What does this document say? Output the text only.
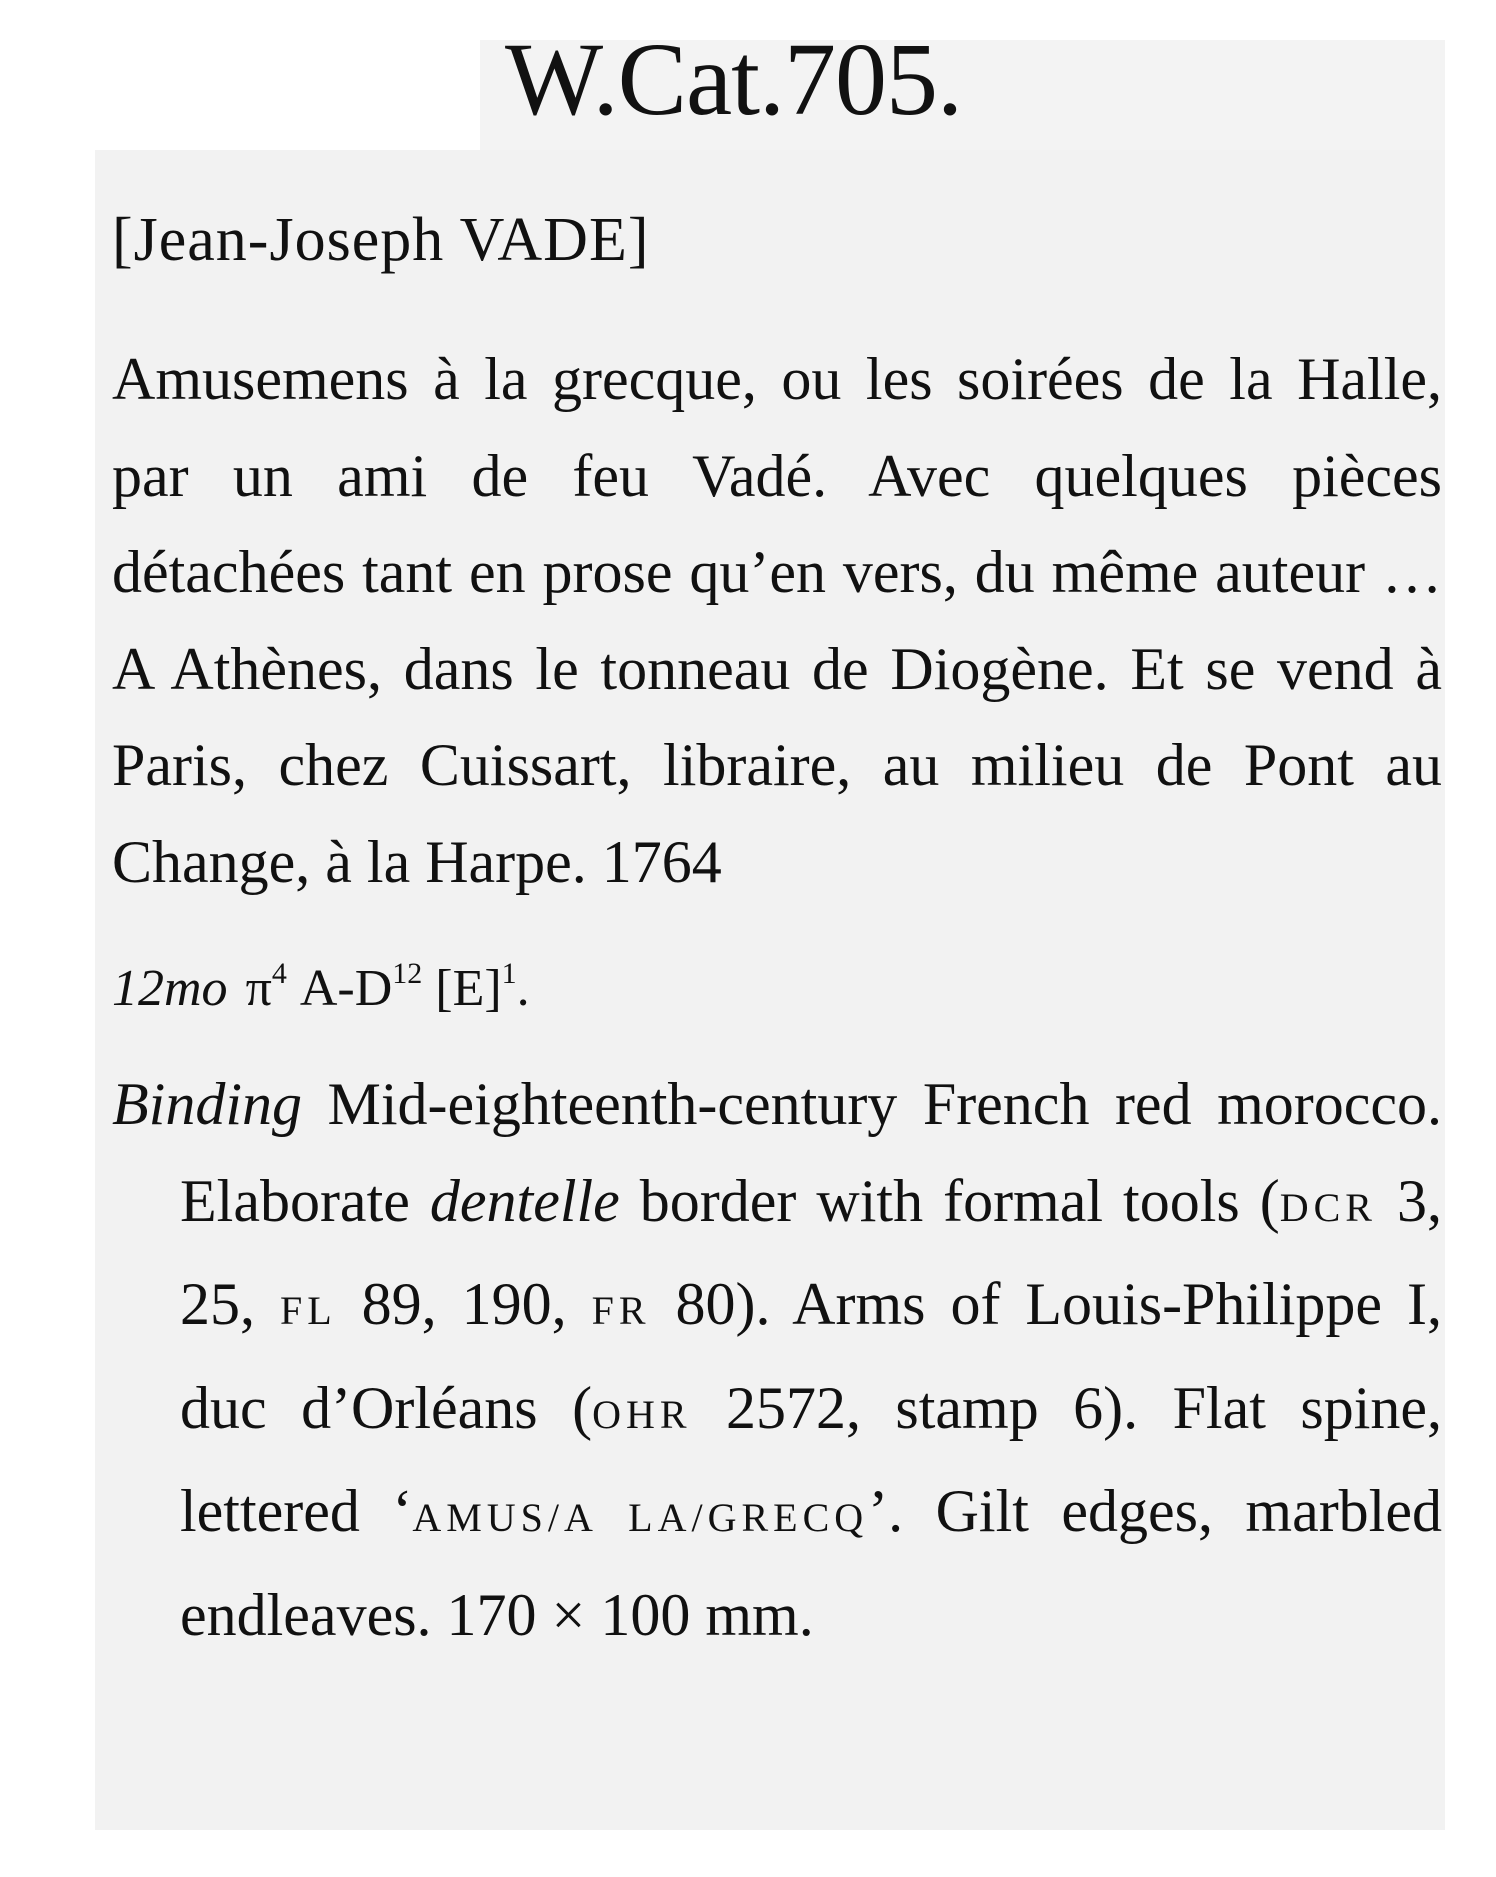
W.Cat.705.

[Jean-Joseph VADE]

Amusemens à la grecque, ou les soirées de la Halle, par un ami de feu Vadé. Avec quelques pièces détachées tant en prose qu’en vers, du même auteur … A Athènes, dans le tonneau de Diogène. Et se vend à Paris, chez Cuissart, libraire, au milieu de Pont au Change, à la Harpe. 1764

12mo $\pi^4$ $A-D^{12}$ $[E]^1$.

Binding Mid-eighteenth-century French red morocco. Elaborate dentelle border with formal tools (DCR 3, 25, FL 89, 190, FR 80). Arms of Louis-Philippe I, duc d’Orléans (OHR 2572, stamp 6). Flat spine, lettered ‘AMUS/A LA/GRECQ’. Gilt edges, marbled endleaves. 170 × 100 mm.
